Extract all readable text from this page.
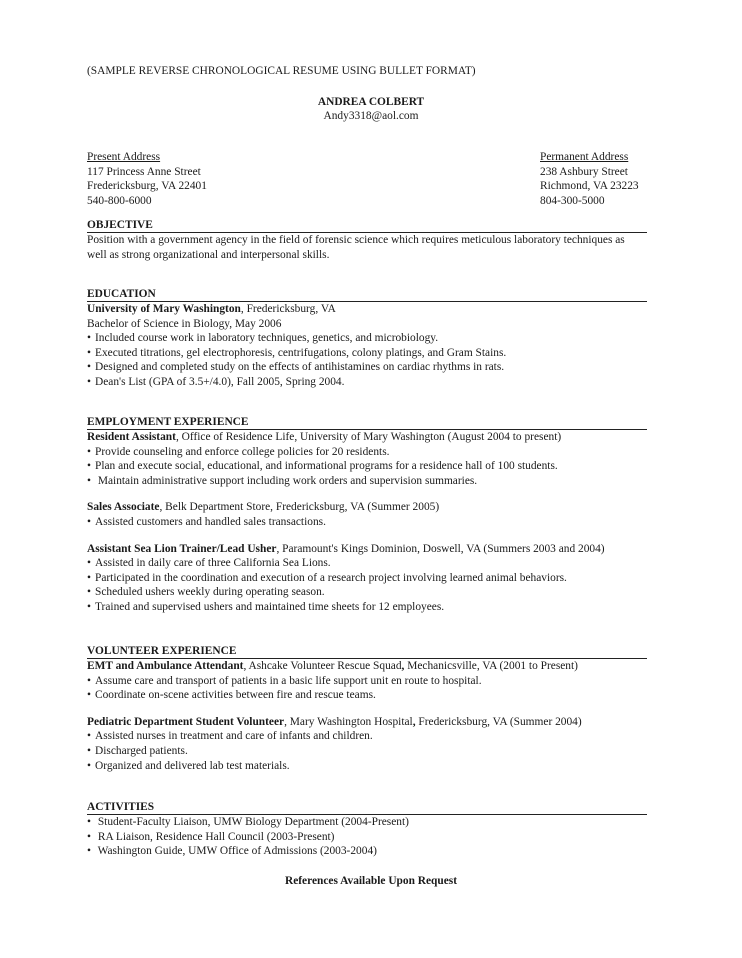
(SAMPLE REVERSE CHRONOLOGICAL RESUME USING BULLET FORMAT)
ANDREA COLBERT
Andy3318@aol.com
Present Address
117 Princess Anne Street
Fredericksburg, VA 22401
540-800-6000
Permanent Address
238 Ashbury Street
Richmond, VA 23223
804-300-5000
OBJECTIVE
Position with a government agency in the field of forensic science which requires meticulous laboratory techniques as
well as strong organizational and interpersonal skills.
EDUCATION
University of Mary Washington, Fredericksburg, VA
Bachelor of Science in Biology, May 2006
• Included course work in laboratory techniques, genetics, and microbiology.
• Executed titrations, gel electrophoresis, centrifugations, colony platings, and Gram Stains.
• Designed and completed study on the effects of antihistamines on cardiac rhythms in rats.
• Dean's List (GPA of 3.5+/4.0), Fall 2005, Spring 2004.
EMPLOYMENT EXPERIENCE
Resident Assistant, Office of Residence Life, University of Mary Washington (August 2004 to present)
• Provide counseling and enforce college policies for 20 residents.
• Plan and execute social, educational, and informational programs for a residence hall of 100 students.
• Maintain administrative support including work orders and supervision summaries.
Sales Associate, Belk Department Store, Fredericksburg, VA (Summer 2005)
• Assisted customers and handled sales transactions.
Assistant Sea Lion Trainer/Lead Usher, Paramount's Kings Dominion, Doswell, VA (Summers 2003 and 2004)
• Assisted in daily care of three California Sea Lions.
• Participated in the coordination and execution of a research project involving learned animal behaviors.
• Scheduled ushers weekly during operating season.
• Trained and supervised ushers and maintained time sheets for 12 employees.
VOLUNTEER EXPERIENCE
EMT and Ambulance Attendant, Ashcake Volunteer Rescue Squad, Mechanicsville, VA (2001 to Present)
• Assume care and transport of patients in a basic life support unit en route to hospital.
• Coordinate on-scene activities between fire and rescue teams.
Pediatric Department Student Volunteer, Mary Washington Hospital, Fredericksburg, VA (Summer 2004)
• Assisted nurses in treatment and care of infants and children.
• Discharged patients.
• Organized and delivered lab test materials.
ACTIVITIES
• Student-Faculty Liaison, UMW Biology Department (2004-Present)
• RA Liaison, Residence Hall Council (2003-Present)
• Washington Guide, UMW Office of Admissions (2003-2004)
References Available Upon Request
